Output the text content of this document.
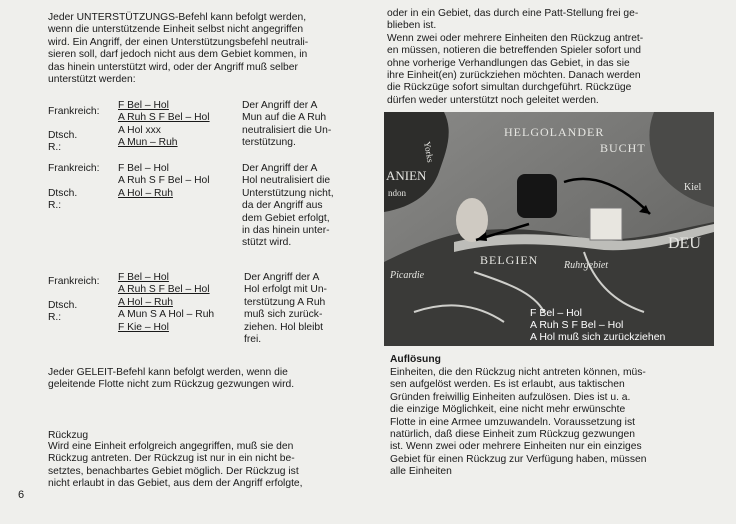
Jeder UNTERSTÜTZUNGS-Befehl kann befolgt werden,
wenn die unterstützende Einheit selbst nicht angegriffen
wird. Ein Angriff, der einen Unterstützungsbefehl neutrali-
sieren soll, darf jedoch nicht aus dem Gebiet kommen, in
das hinein unterstützt wird, oder der Angriff muß selber
unterstützt werden:
Frankreich:
Dtsch. R.:
F Bel – Hol
A Ruh S F Bel – Hol
A Hol xxx
A Mun – Ruh
Der Angriff der A
Mun auf die A Ruh
neutralisiert die Un-
terstützung.
Frankreich:
Dtsch. R.:
F Bel – Hol
A Ruh S F Bel – Hol
A Hol – Ruh
Der Angriff der A
Hol neutralisiert die
Unterstützung nicht,
da der Angriff aus
dem Gebiet erfolgt,
in das hinein unter-
stützt wird.
Frankreich:
Dtsch. R.:
F Bel – Hol
A Ruh S F Bel – Hol
A Hol – Ruh
A Mun S A Hol – Ruh
F Kie – Hol
Der Angriff der A
Hol erfolgt mit Un-
terstützung A Ruh
muß sich zurück-
ziehen. Hol bleibt
frei.
Jeder GELEIT-Befehl kann befolgt werden, wenn die
geleitende Flotte nicht zum Rückzug gezwungen wird.
Rückzug
Wird eine Einheit erfolgreich angegriffen, muß sie den
Rückzug antreten. Der Rückzug ist nur in ein nicht be-
setztes, benachbartes Gebiet möglich. Der Rückzug ist
nicht erlaubt in das Gebiet, aus dem der Angriff erfolgte,
6
oder in ein Gebiet, das durch eine Patt-Stellung frei ge-
blieben ist.
Wenn zwei oder mehrere Einheiten den Rückzug antret-
en müssen, notieren die betreffenden Spieler sofort und
ohne vorherige Verhandlungen das Gebiet, in das sie
ihre Einheit(en) zurückziehen möchten. Danach werden
die Rückzüge sofort simultan durchgeführt. Rückzüge
dürfen weder unterstützt noch geleitet werden.
HELGOLANDER
BUCHT
BELGIEN	Ruhrgebiet
Picardie
Kiel
DEU
ANIEN
ndon
Yorks
F Bel – Hol
A Ruh S F Bel – Hol
A Hol muß sich zurückziehen
Auflösung
Einheiten, die den Rückzug nicht antreten können, müs-
sen aufgelöst werden. Es ist erlaubt, aus taktischen
Gründen freiwillig Einheiten aufzulösen. Dies ist u. a.
die einzige Möglichkeit, eine nicht mehr erwünschte
Flotte in eine Armee umzuwandeln. Voraussetzung ist
natürlich, daß diese Einheit zum Rückzug gezwungen
ist. Wenn zwei oder mehrere Einheiten nur ein einziges
Gebiet für einen Rückzug zur Verfügung haben, müssen
alle Einheiten
